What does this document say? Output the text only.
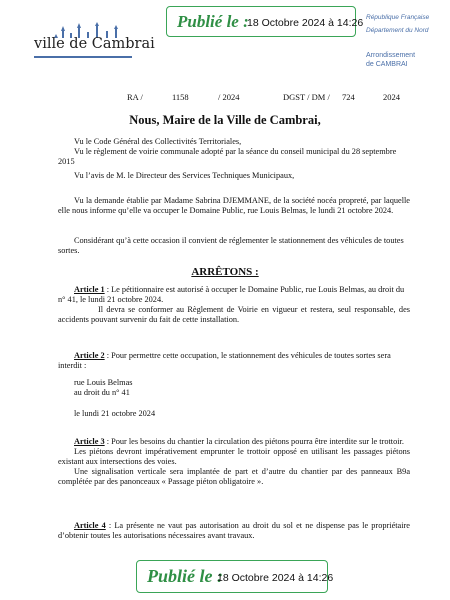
Publié le :
18 Octobre 2024 à 14:26
ville de Cambrai
République Française
Département du Nord
Arrondissement
de CAMBRAI
RA /	1158	/ 2024	DGST / DM / 724	2024
Nous, Maire de la Ville de Cambrai,
Vu le Code Général des Collectivités Territoriales,
Vu le règlement de voirie communale adopté par la séance du conseil municipal du 28 septembre 2015
Vu l’avis de M. le Directeur des Services Techniques Municipaux,
Vu la demande établie par Madame Sabrina DJEMMANE, de la société nocéa propreté, par laquelle elle nous informe qu’elle va occuper le Domaine Public, rue Louis Belmas, le lundi 21 octobre 2024.
Considérant qu’à cette occasion il convient de réglementer le stationnement des véhicules de toutes sortes.
ARRÊTONS :
Article 1 : Le pétitionnaire est autorisé à occuper le Domaine Public, rue Louis Belmas, au droit du n° 41, le lundi 21 octobre 2024.
Il devra se conformer au Règlement de Voirie en vigueur et restera, seul responsable, des accidents pouvant survenir du fait de cette installation.
Article 2 : Pour permettre cette occupation, le stationnement des véhicules de toutes sortes sera interdit :
rue Louis Belmas
au droit du n° 41
le lundi 21 octobre 2024
Article 3 : Pour les besoins du chantier la circulation des piétons pourra être interdite sur le trottoir.
Les piétons devront impérativement emprunter le trottoir opposé en utilisant les passages piétons existant aux intersections des voies.
Une signalisation verticale sera implantée de part et d’autre du chantier par des panneaux B9a complétée par des panonceaux « Passage piéton obligatoire ».
Article 4 : La présente ne vaut pas autorisation au droit du sol et ne dispense pas le propriétaire d’obtenir toutes les autorisations nécessaires avant travaux.
Publié le :
18 Octobre 2024 à 14:26
